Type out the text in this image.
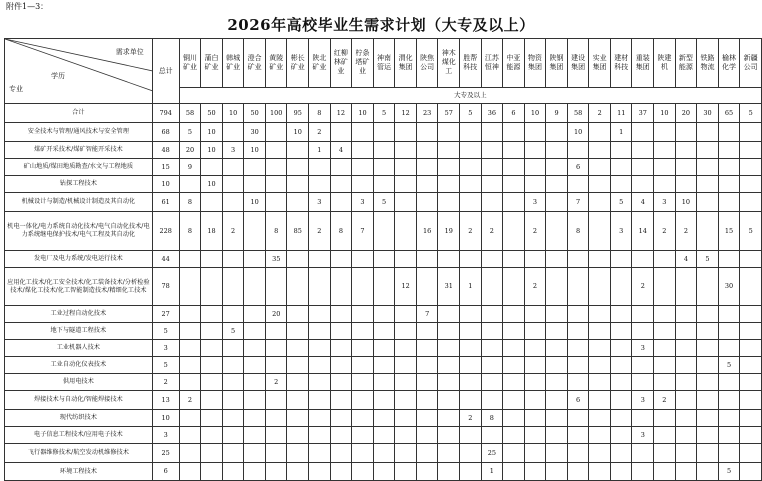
附件1—3：
2026年高校毕业生需求计划（大专及以上）
需求单位
学历
专业	总计	铜川矿业	蒲白矿业	韩城矿业	澄合矿业	黄陵矿业	彬长矿业	陕北矿业	红柳林矿业	柠条塔矿业	神南管运	渭化集团	陕焦公司	神木煤化工	胜帮科技	江苏恒神	中亚能源	物资集团	陕钢集团	建设集团	实业集团	建材科技	重装集团	陕建机	新型能源	铁路物流	榆林化学	新疆公司
		大专及以上																										
合计	794	58	50	10	50	100	95	8	12	10	5	12	23	57	5	36	6	10	9	58	2	11	37	10	20	30	65	5
安全技术与管理/通风技术与安全管理	68	5	10		30		10	2												10		1						
煤矿开采技术/煤矿智能开采技术	48	20	10	3	10			1	4																			
矿山地质/煤田地质勘查/水文与工程地质	15	9																		6								
钻探工程技术	10		10																									
机械设计与制造/机械设计制造及其自动化	61	8			10			3		3	5							3		7		5	4	3	10			
机电一体化/电力系统自动化技术/电气自动化技术/电力系统继电保护技术/电气工程及其自动化	228	8	18	2		8	85	2	8	7			16	19	2	2		2		8		3	14	2	2		15	5
发电厂及电力系统/发电运行技术	44					35																			4	5		
应用化工技术/化工安全技术/化工装备技术/分析检验技术/煤化工技术/化工智能制造技术/精细化工技术	78											12		31	1			2					2				30	
工业过程自动化技术	27					20							7															
地下与隧道工程技术	5			5																								
工业机器人技术	3																						3					
工业自动化仪表技术	5																										5	
供用电技术	2					2																						
焊接技术与自动化/智能焊接技术	13	2																		6			3	2				
现代纺织技术	10														2	8												
电子信息工程技术/应用电子技术	3																						3					
飞行器维修技术/航空发动机维修技术	25															25												
环境工程技术	6															1											5	
